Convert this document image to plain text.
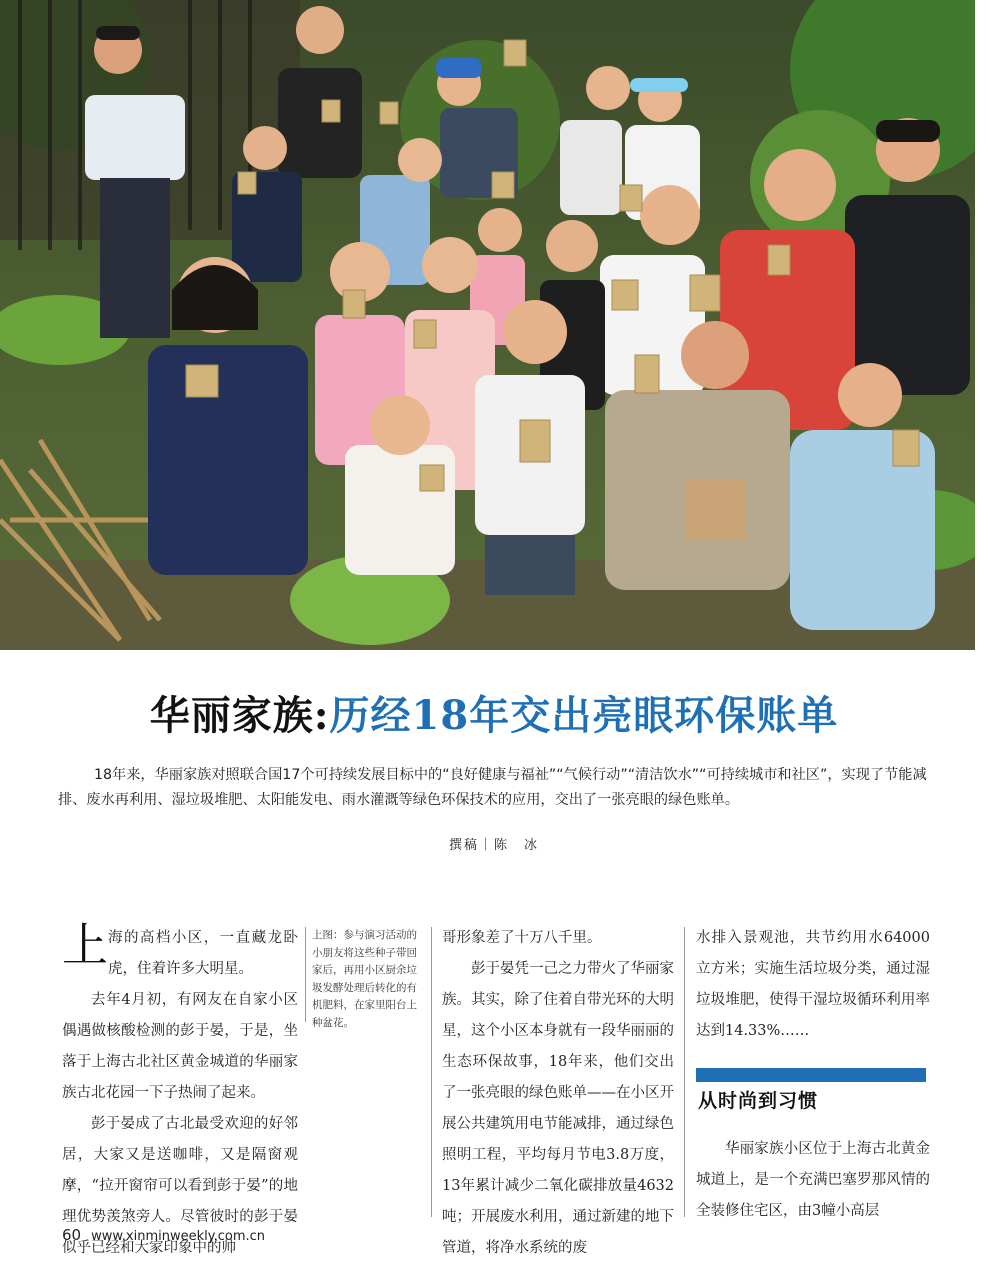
华丽家族:历经18年交出亮眼环保账单

18年来，华丽家族对照联合国17个可持续发展目标中的“良好健康与福祉”“气候行动”“清洁饮水”“可持续城市和社区”，实现了节能减排、废水再利用、湿垃圾堆肥、太阳能发电、雨水灌溉等绿色环保技术的应用，交出了一张亮眼的绿色账单。

撰稿｜陈　冰

上海的高档小区，一直藏龙卧虎，住着许多大明星。

去年4月初，有网友在自家小区偶遇做核酸检测的彭于晏，于是，坐落于上海古北社区黄金城道的华丽家族古北花园一下子热闹了起来。

彭于晏成了古北最受欢迎的好邻居，大家又是送咖啡，又是隔窗观摩，“拉开窗帘可以看到彭于晏”的地理优势羡煞旁人。尽管彼时的彭于晏似乎已经和大家印象中的帅

上图：参与演习活动的小朋友将这些种子带回家后，再用小区厨余垃圾发酵处理后转化的有机肥料，在家里阳台上种盆花。

哥形象差了十万八千里。

彭于晏凭一己之力带火了华丽家族。其实，除了住着自带光环的大明星，这个小区本身就有一段华丽丽的生态环保故事，18年来，他们交出了一张亮眼的绿色账单——在小区开展公共建筑用电节能减排，通过绿色照明工程，平均每月节电3.8万度，13年累计减少二氧化碳排放量4632吨；开展废水利用，通过新建的地下管道，将净水系统的废

水排入景观池，共节约用水64000立方米；实施生活垃圾分类，通过湿垃圾堆肥，使得干湿垃圾循环利用率达到14.33%……

从时尚到习惯

华丽家族小区位于上海古北黄金城道上，是一个充满巴塞罗那风情的全装修住宅区，由3幢小高层

60 www.xinminweekly.com.cn
